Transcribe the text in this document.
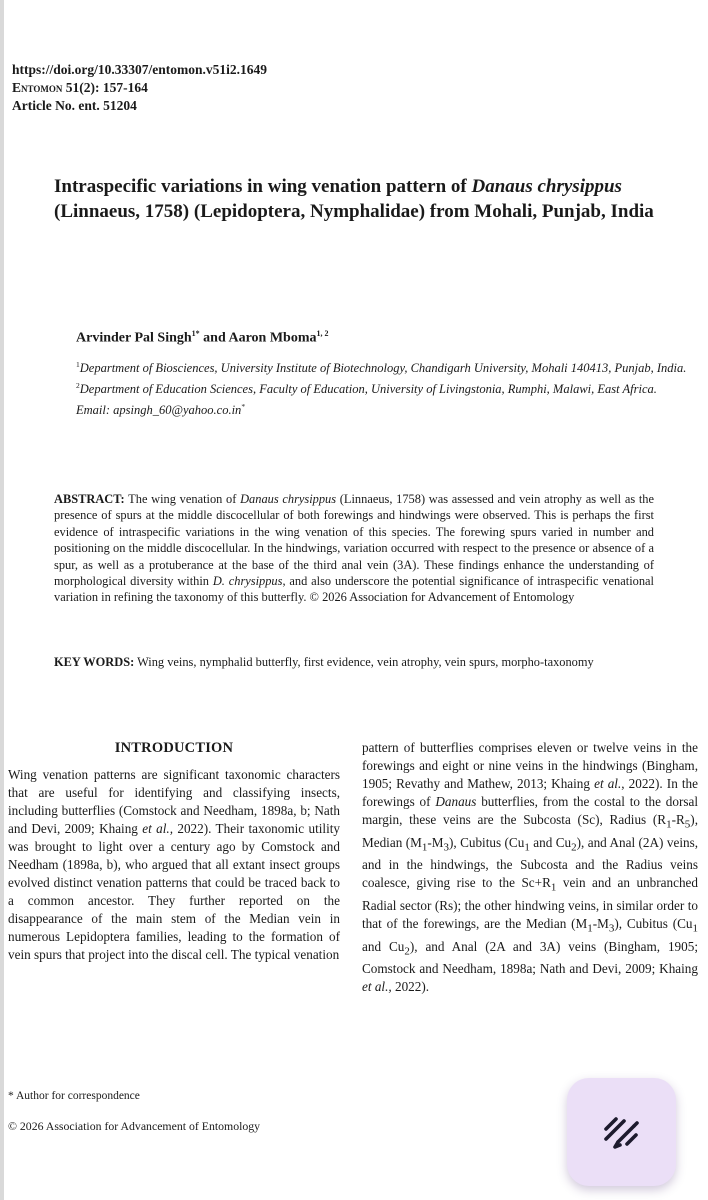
https://doi.org/10.33307/entomon.v51i2.1649
Entomon 51(2): 157-164
Article No. ent. 51204
Intraspecific variations in wing venation pattern of Danaus chrysippus (Linnaeus, 1758) (Lepidoptera, Nymphalidae) from Mohali, Punjab, India
Arvinder Pal Singh$^{1*}$ and Aaron Mboma$^{1, 2}$

$^1$Department of Biosciences, University Institute of Biotechnology, Chandigarh University, Mohali 140413, Punjab, India.

$^2$Department of Education Sciences, Faculty of Education, University of Livingstonia, Rumphi, Malawi, East Africa.

Email: apsingh_60@yahoo.co.in*

ABSTRACT: The wing venation of Danaus chrysippus (Linnaeus, 1758) was assessed and vein atrophy as well as the presence of spurs at the middle discocellular of both forewings and hindwings were observed. This is perhaps the first evidence of intraspecific variations in the wing venation of this species. The forewing spurs varied in number and positioning on the middle discocellular. In the hindwings, variation occurred with respect to the presence or absence of a spur, as well as a protuberance at the base of the third anal vein (3A). These findings enhance the understanding of morphological diversity within D. chrysippus, and also underscore the potential significance of intraspecific venational variation in refining the taxonomy of this butterfly. © 2026 Association for Advancement of Entomology
KEY WORDS: Wing veins, nymphalid butterfly, first evidence, vein atrophy, vein spurs, morpho-taxonomy
INTRODUCTION

Wing venation patterns are significant taxonomic characters that are useful for identifying and classifying insects, including butterflies (Comstock and Needham, 1898a, b; Nath and Devi, 2009; Khaing et al., 2022). Their taxonomic utility was brought to light over a century ago by Comstock and Needham (1898a, b), who argued that all extant insect groups evolved distinct venation patterns that could be traced back to a common ancestor. They further reported on the disappearance of the main stem of the Median vein in numerous Lepidoptera families, leading to the formation of vein spurs that project into the discal cell. The typical venation

pattern of butterflies comprises eleven or twelve veins in the forewings and eight or nine veins in the hindwings (Bingham, 1905; Revathy and Mathew, 2013; Khaing et al., 2022). In the forewings of Danaus butterflies, from the costal to the dorsal margin, these veins are the Subcosta (Sc), Radius $(R_1-R_5)$, Median $(M_1-M_3)$, Cubitus ($Cu_1$ and $Cu_2$), and Anal (2A) veins, and in the hindwings, the Subcosta and the Radius veins coalesce, giving rise to the $Sc+R_1$ vein and an unbranched Radial sector (Rs); the other hindwing veins, in similar order to that of the forewings, are the Median $(M_1-M_3)$, Cubitus ($Cu_1$ and $Cu_2$), and Anal (2A and 3A) veins (Bingham, 1905; Comstock and Needham, 1898a; Nath and Devi, 2009; Khaing et al., 2022).

* Author for correspondence
© 2026 Association for Advancement of Entomology
